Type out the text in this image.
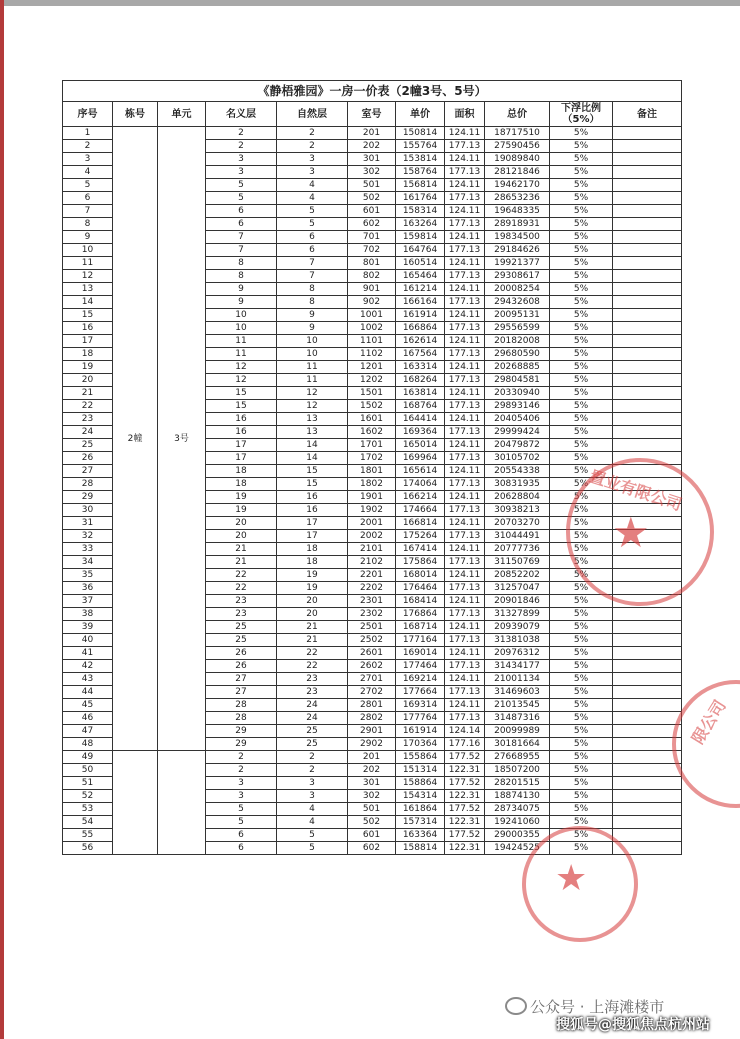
《静梧雅园》一房一价表（2幢3号、5号）										
序号	栋号	单元	名义层	自然层	室号	单价	面积	总价	下浮比例（5%）	备注
1	2幢	3号	2	2	201	150814	124.11	18717510	5%	
2			2	2	202	155764	177.13	27590456	5%	
3			3	3	301	153814	124.11	19089840	5%	
4			3	3	302	158764	177.13	28121846	5%	
5			5	4	501	156814	124.11	19462170	5%	
6			5	4	502	161764	177.13	28653236	5%	
7			6	5	601	158314	124.11	19648335	5%	
8			6	5	602	163264	177.13	28918931	5%	
9			7	6	701	159814	124.11	19834500	5%	
10			7	6	702	164764	177.13	29184626	5%	
11			8	7	801	160514	124.11	19921377	5%	
12			8	7	802	165464	177.13	29308617	5%	
13			9	8	901	161214	124.11	20008254	5%	
14			9	8	902	166164	177.13	29432608	5%	
15			10	9	1001	161914	124.11	20095131	5%	
16			10	9	1002	166864	177.13	29556599	5%	
17			11	10	1101	162614	124.11	20182008	5%	
18			11	10	1102	167564	177.13	29680590	5%	
19			12	11	1201	163314	124.11	20268885	5%	
20			12	11	1202	168264	177.13	29804581	5%	
21			15	12	1501	163814	124.11	20330940	5%	
22			15	12	1502	168764	177.13	29893146	5%	
23			16	13	1601	164414	124.11	20405406	5%	
24			16	13	1602	169364	177.13	29999424	5%	
25			17	14	1701	165014	124.11	20479872	5%	
26			17	14	1702	169964	177.13	30105702	5%	
27			18	15	1801	165614	124.11	20554338	5%	
28			18	15	1802	174064	177.13	30831935	5%	
29			19	16	1901	166214	124.11	20628804	5%	
30			19	16	1902	174664	177.13	30938213	5%	
31			20	17	2001	166814	124.11	20703270	5%	
32			20	17	2002	175264	177.13	31044491	5%	
33			21	18	2101	167414	124.11	20777736	5%	
34			21	18	2102	175864	177.13	31150769	5%	
35			22	19	2201	168014	124.11	20852202	5%	
36			22	19	2202	176464	177.13	31257047	5%	
37			23	20	2301	168414	124.11	20901846	5%	
38			23	20	2302	176864	177.13	31327899	5%	
39			25	21	2501	168714	124.11	20939079	5%	
40			25	21	2502	177164	177.13	31381038	5%	
41			26	22	2601	169014	124.11	20976312	5%	
42			26	22	2602	177464	177.13	31434177	5%	
43			27	23	2701	169214	124.11	21001134	5%	
44			27	23	2702	177664	177.13	31469603	5%	
45			28	24	2801	169314	124.11	21013545	5%	
46			28	24	2802	177764	177.13	31487316	5%	
47			29	25	2901	161914	124.14	20099989	5%	
48			29	25	2902	170364	177.16	30181664	5%	
49			2	2	201	155864	177.52	27668955	5%	
50			2	2	202	151314	122.31	18507200	5%	
51			3	3	301	158864	177.52	28201515	5%	
52			3	3	302	154314	122.31	18874130	5%	
53			5	4	501	161864	177.52	28734075	5%	
54			5	4	502	157314	122.31	19241060	5%	
55			6	5	601	163364	177.52	29000355	5%	
56			6	5	602	158814	122.31	19424525	5%	
置业有限公司
★
限公司
★
公众号 · 上海滩楼市
搜狐号@搜狐焦点杭州站
